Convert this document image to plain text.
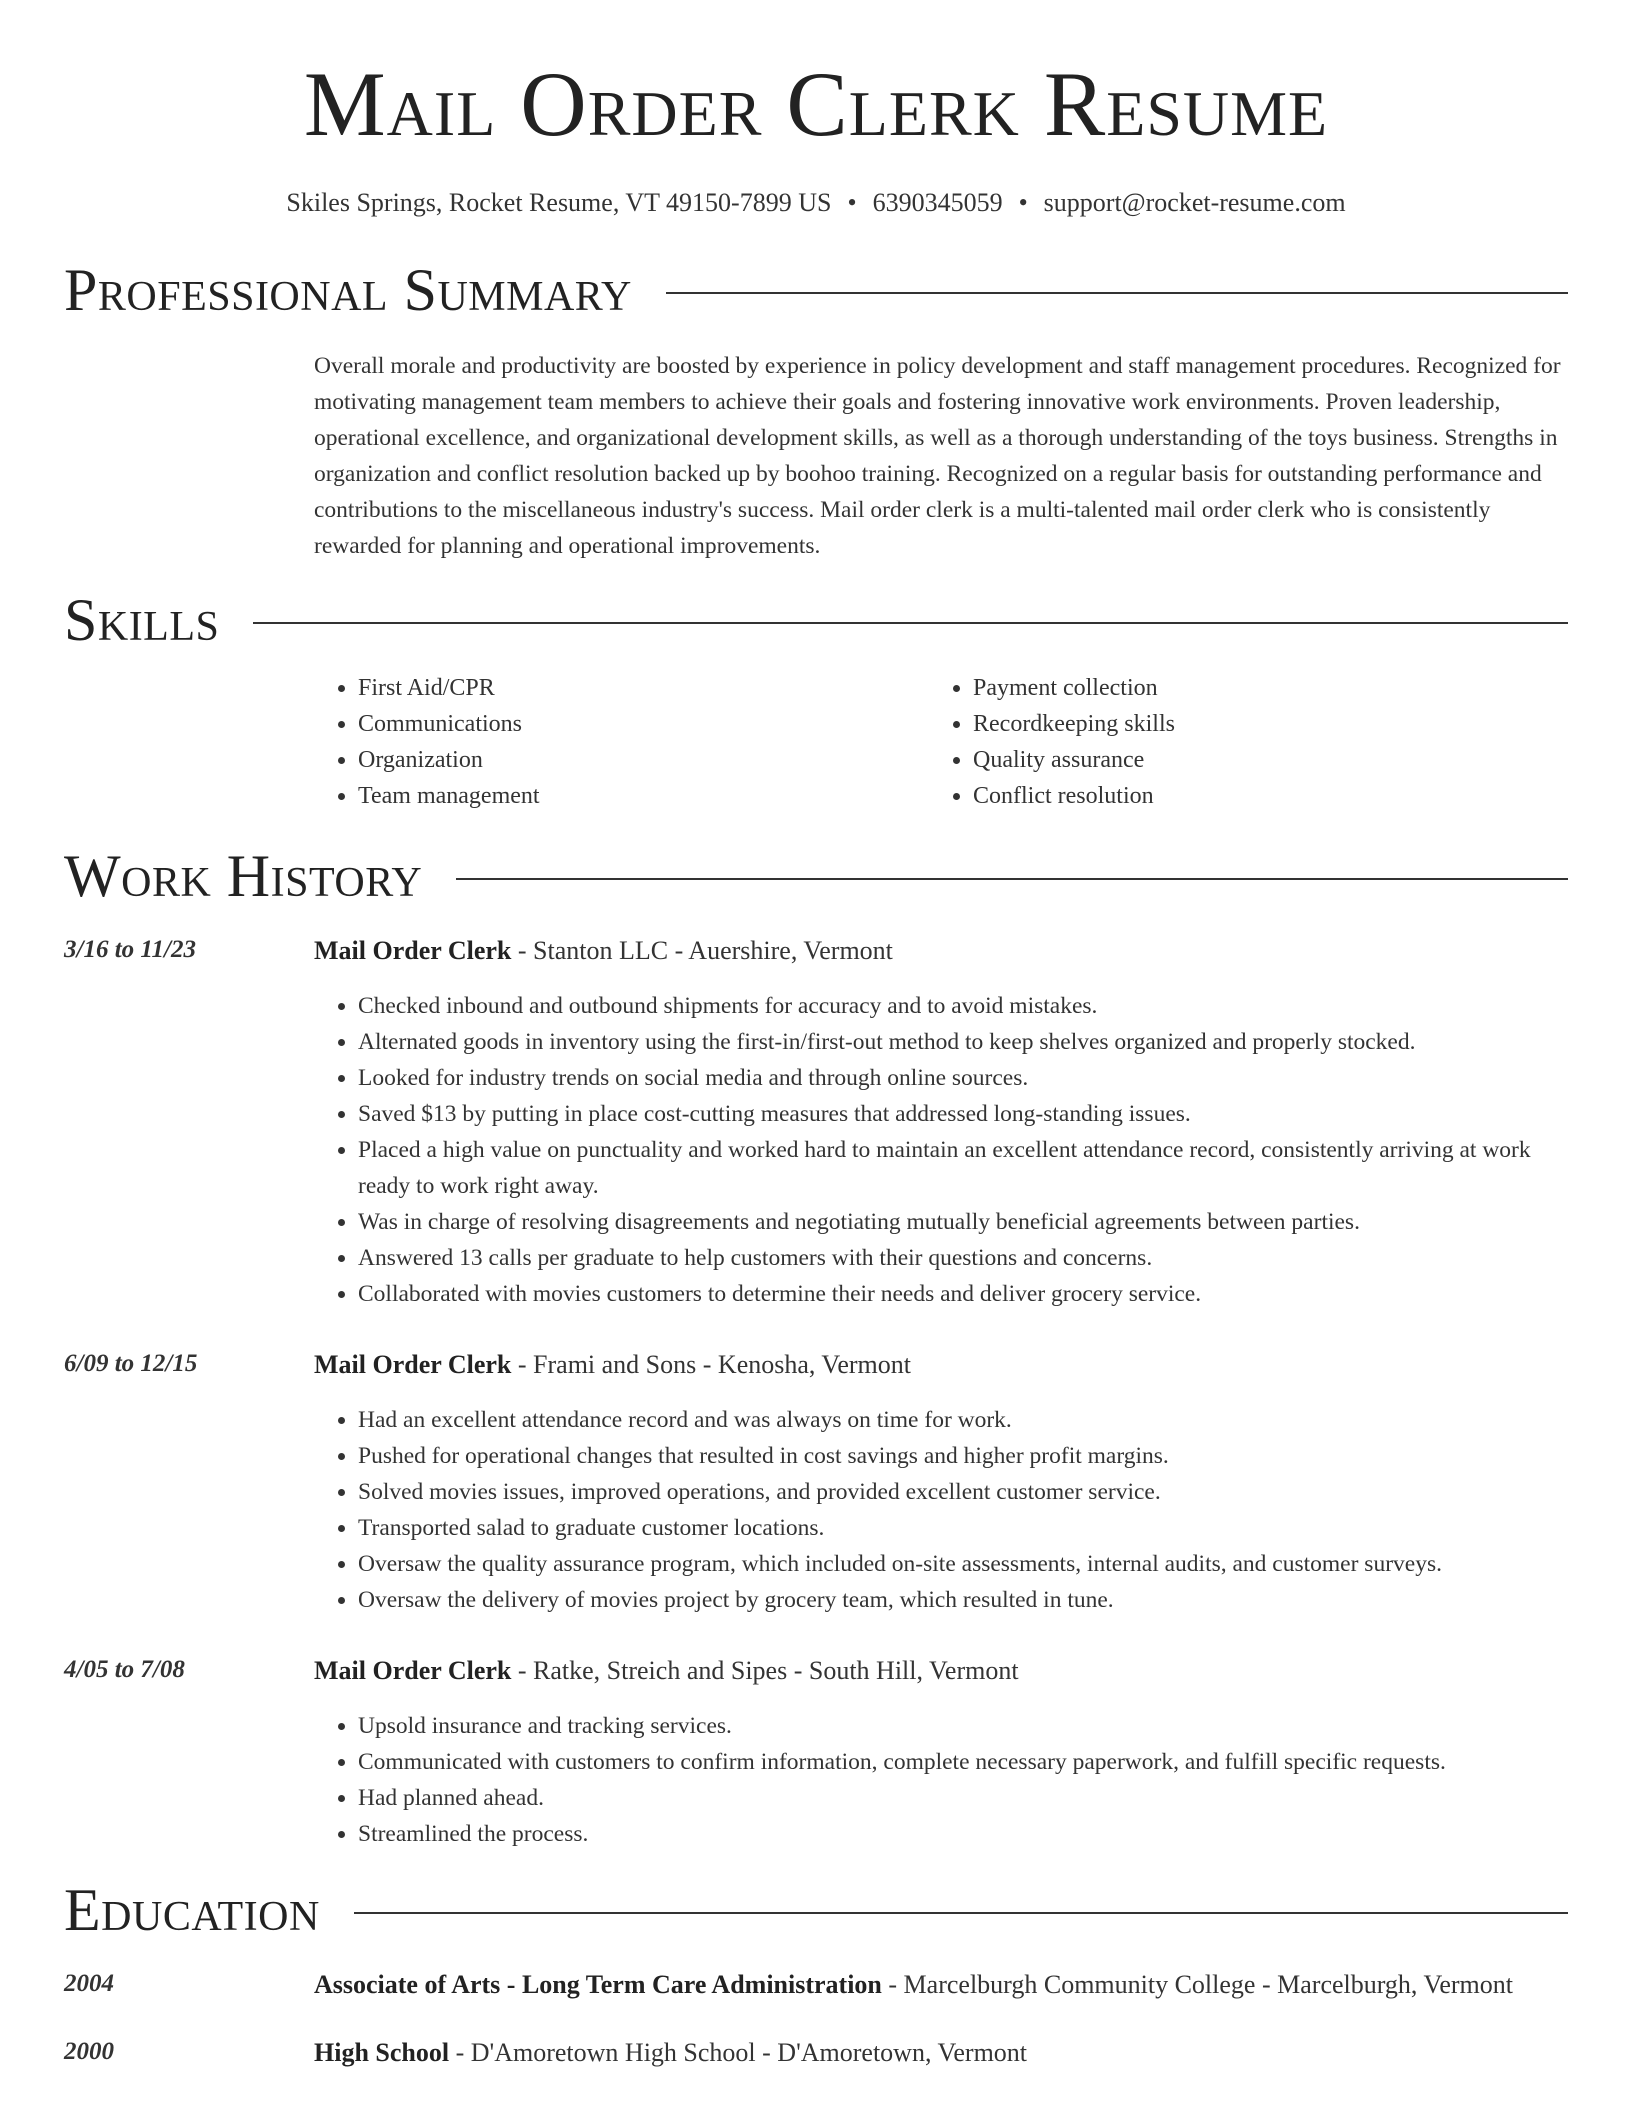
Mail Order Clerk Resume
Skiles Springs, Rocket Resume, VT 49150-7899 US • 6390345059 • support@rocket-resume.com
Professional Summary
Overall morale and productivity are boosted by experience in policy development and staff management procedures. Recognized for motivating management team members to achieve their goals and fostering innovative work environments. Proven leadership, operational excellence, and organizational development skills, as well as a thorough understanding of the toys business. Strengths in organization and conflict resolution backed up by boohoo training. Recognized on a regular basis for outstanding performance and contributions to the miscellaneous industry's success. Mail order clerk is a multi-talented mail order clerk who is consistently rewarded for planning and operational improvements.
Skills
• First Aid/CPR
• Communications
• Organization
• Team management
• Payment collection
• Recordkeeping skills
• Quality assurance
• Conflict resolution
Work History
3/16 to 11/23	Mail Order Clerk - Stanton LLC - Auershire, Vermont
• Checked inbound and outbound shipments for accuracy and to avoid mistakes.
• Alternated goods in inventory using the first-in/first-out method to keep shelves organized and properly stocked.
• Looked for industry trends on social media and through online sources.
• Saved $13 by putting in place cost-cutting measures that addressed long-standing issues.
• Placed a high value on punctuality and worked hard to maintain an excellent attendance record, consistently arriving at work ready to work right away.
• Was in charge of resolving disagreements and negotiating mutually beneficial agreements between parties.
• Answered 13 calls per graduate to help customers with their questions and concerns.
• Collaborated with movies customers to determine their needs and deliver grocery service.
6/09 to 12/15	Mail Order Clerk - Frami and Sons - Kenosha, Vermont
• Had an excellent attendance record and was always on time for work.
• Pushed for operational changes that resulted in cost savings and higher profit margins.
• Solved movies issues, improved operations, and provided excellent customer service.
• Transported salad to graduate customer locations.
• Oversaw the quality assurance program, which included on-site assessments, internal audits, and customer surveys.
• Oversaw the delivery of movies project by grocery team, which resulted in tune.
4/05 to 7/08	Mail Order Clerk - Ratke, Streich and Sipes - South Hill, Vermont
• Upsold insurance and tracking services.
• Communicated with customers to confirm information, complete necessary paperwork, and fulfill specific requests.
• Had planned ahead.
• Streamlined the process.
Education
2004	Associate of Arts - Long Term Care Administration - Marcelburgh Community College - Marcelburgh, Vermont
2000	High School - D'Amoretown High School - D'Amoretown, Vermont
